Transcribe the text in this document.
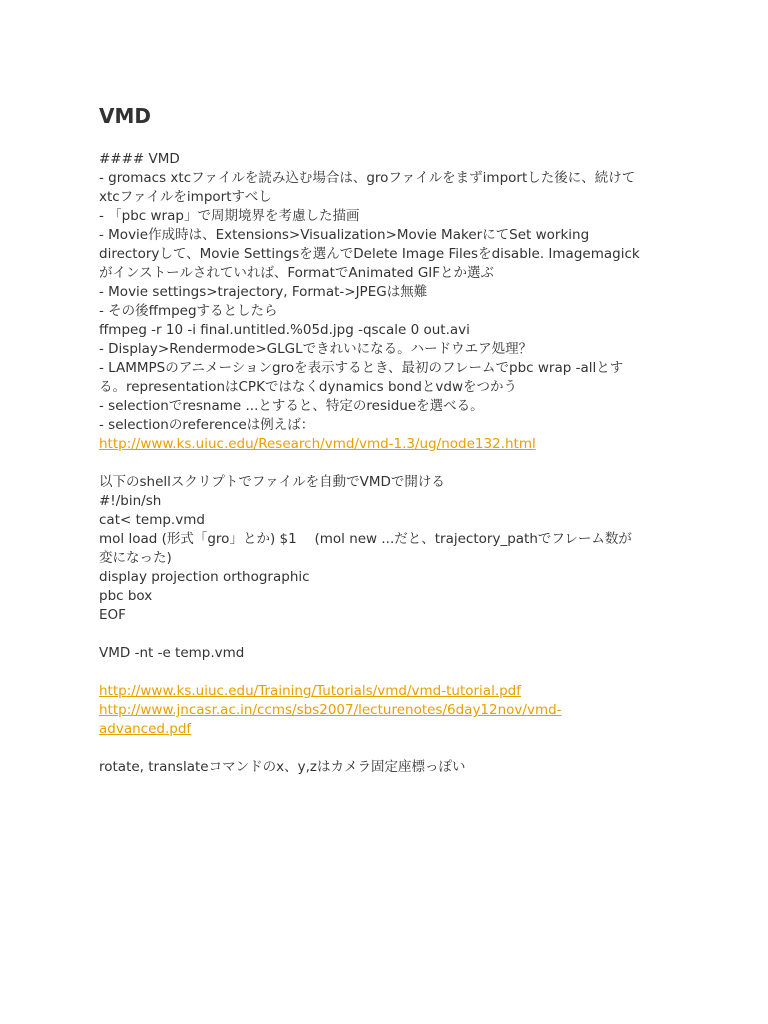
VMD
#### VMD
- gromacs xtcファイルを読み込む場合は、groファイルをまずimportした後に、続けて
xtcファイルをimportすべし
- 「pbc wrap」で周期境界を考慮した描画
- Movie作成時は、Extensions>Visualization>Movie MakerにてSet working
directoryして、Movie Settingsを選んでDelete Image Filesをdisable. Imagemagick
がインストールされていれば、FormatでAnimated GIFとか選ぶ
- Movie settings>trajectory, Format->JPEGは無難
- その後ffmpegするとしたら
ffmpeg -r 10 -i final.untitled.%05d.jpg -qscale 0 out.avi
- Display>Rendermode>GLGLできれいになる。ハードウエア処理？
- LAMMPSのアニメーションgroを表示するとき、最初のフレームでpbc wrap -allとす
る。representationはCPKではなくdynamics bondとvdwをつかう
- selectionでresname ...とすると、特定のresidueを選べる。
- selectionのreferenceは例えば：
http://www.ks.uiuc.edu/Research/vmd/vmd-1.3/ug/node132.html
以下のshellスクリプトでファイルを自動でVMDで開ける
#!/bin/sh
cat< temp.vmd
mol load (形式「gro」とか) $1 　(mol new ...だと、trajectory_pathでフレーム数が
変になった)
display projection orthographic
pbc box
EOF
VMD -nt -e temp.vmd
http://www.ks.uiuc.edu/Training/Tutorials/vmd/vmd-tutorial.pdf
http://www.jncasr.ac.in/ccms/sbs2007/lecturenotes/6day12nov/vmd-
advanced.pdf
rotate, translateコマンドのx、y,zはカメラ固定座標っぽい
